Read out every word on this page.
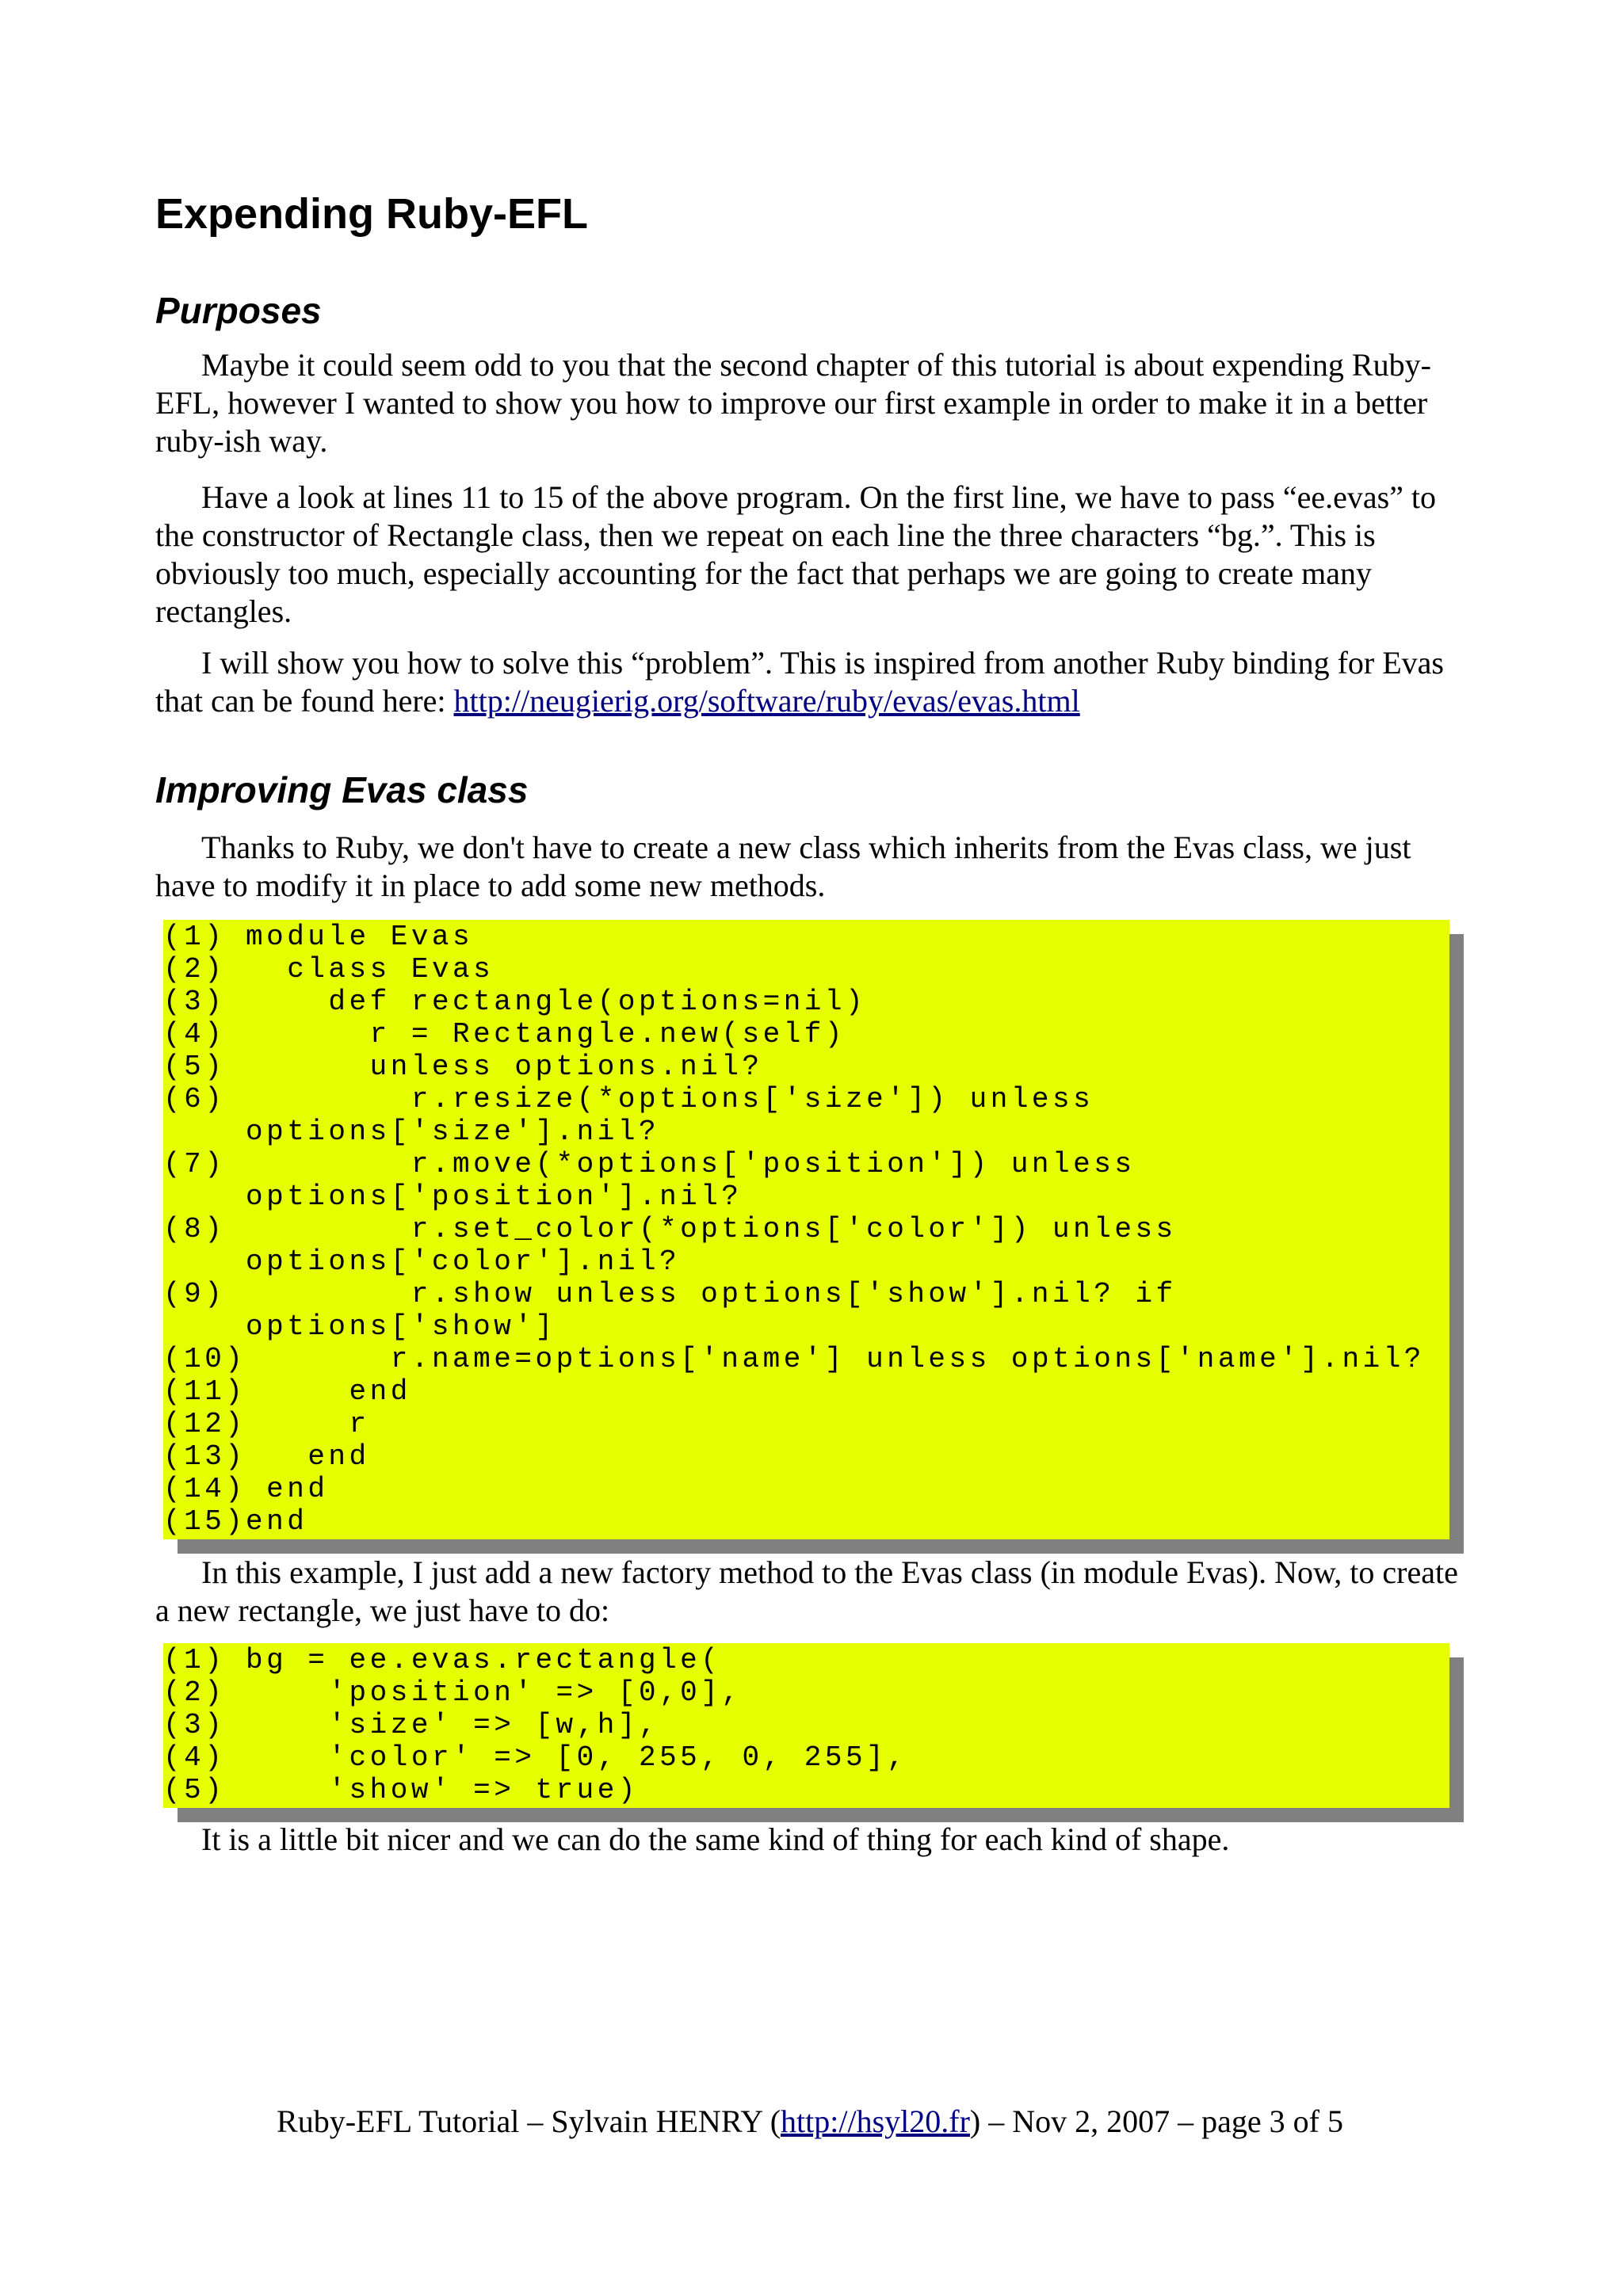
Expending Ruby-EFL
Purposes

Maybe it could seem odd to you that the second chapter of this tutorial is about expending Ruby-EFL, however I wanted to show you how to improve our first example in order to make it in a better ruby-ish way.

Have a look at lines 11 to 15 of the above program. On the first line, we have to pass “ee.evas” to the constructor of Rectangle class, then we repeat on each line the three characters “bg.”. This is obviously too much, especially accounting for the fact that perhaps we are going to create many rectangles.

I will show you how to solve this “problem”. This is inspired from another Ruby binding for Evas that can be found here: http://neugierig.org/software/ruby/evas/evas.html

Improving Evas class

Thanks to Ruby, we don't have to create a new class which inherits from the Evas class, we just have to modify it in place to add some new methods.

(1) module Evas
(2) class Evas
(3) def rectangle(options=nil)
(4) r = Rectangle.new(self)
(5) unless options.nil?
(6) r.resize(*options['size']) unless
options['size'].nil?
(7) r.move(*options['position']) unless
options['position'].nil?
(8) r.set_color(*options['color']) unless
options['color'].nil?
(9) r.show unless options['show'].nil? if
options['show']
(10) r.name=options['name'] unless options['name'].nil?
(11) end
(12) r
(13) end
(14) end
(15) end

In this example, I just add a new factory method to the Evas class (in module Evas). Now, to create a new rectangle, we just have to do:

(1) bg = ee.evas.rectangle(
(2) 'position' => [0,0],
(3) 'size' => [w,h],
(4) 'color' => [0, 255, 0, 255],
(5) 'show' => true)

It is a little bit nicer and we can do the same kind of thing for each kind of shape.

Ruby-EFL Tutorial – Sylvain HENRY (http://hsyl20.fr) – Nov 2, 2007 – page 3 of 5
